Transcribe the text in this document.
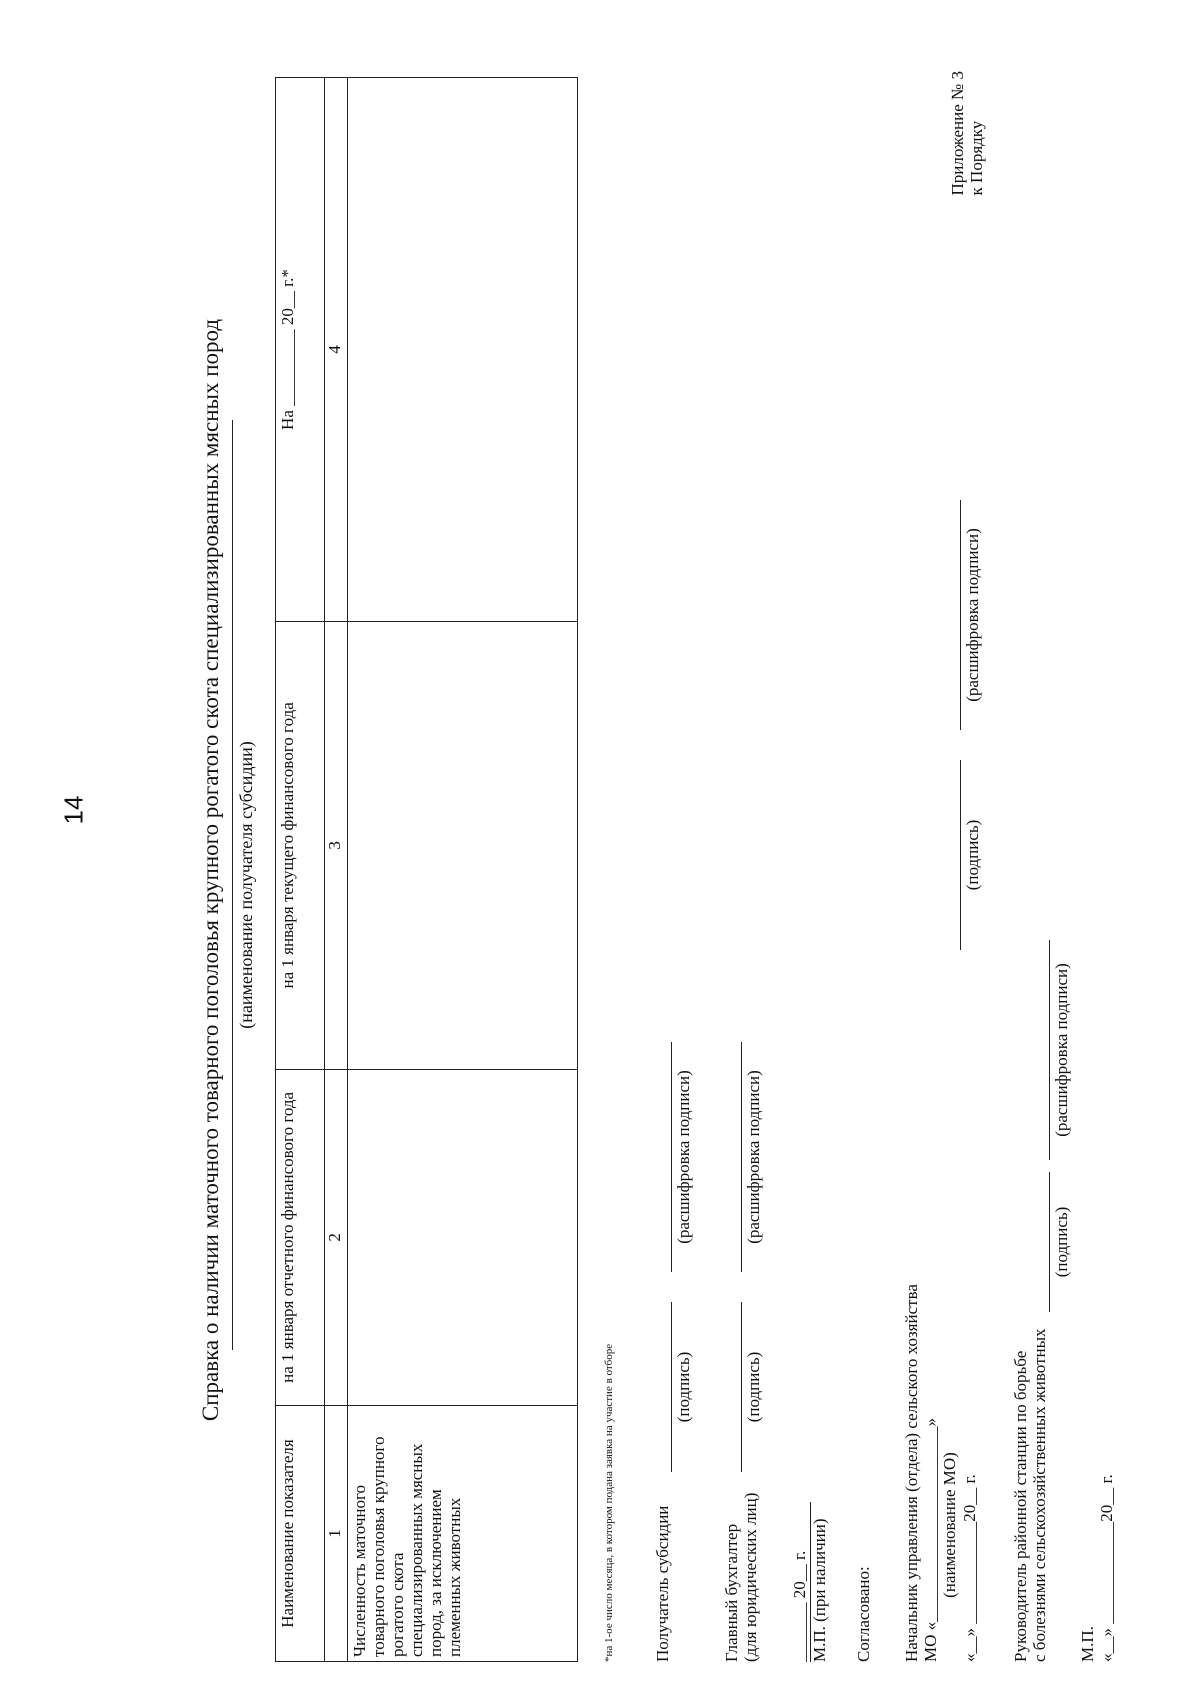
14
Приложение № 3 к Порядку
Справка о наличии маточного товарного поголовья крупного рогатого скота специализированных мясных пород (наименование получателя субсидии)
Наименование показателя	на 1 января отчетного финансового года	на 1 января текущего финансового года	На _________ 20__ г.*
1	2	3	4
Численность маточного товарного поголовья крупного рогатого скота специализированных мясных пород, за исключением племенных животных				*на 1-ое число месяца, в котором подана заявка на участие в отборе Получатель субсидии
(подпись)
(расшифровка подписи)
Главный бухгалтер (для юридических лиц)
(подпись)
(расшифровка подписи)
_______ 20__ г. М.П. (при наличии) Согласовано: Начальник управления (отдела) сельского хозяйства МО «_______________________» (наименование МО) «__» ____________20__ г.
(подпись)
(расшифровка подписи)
Руководитель районной станции по борьбе с болезнями сельскохозяйственных животных
(подпись)
(расшифровка подписи)
М.П. «__» ____________20__ г.
